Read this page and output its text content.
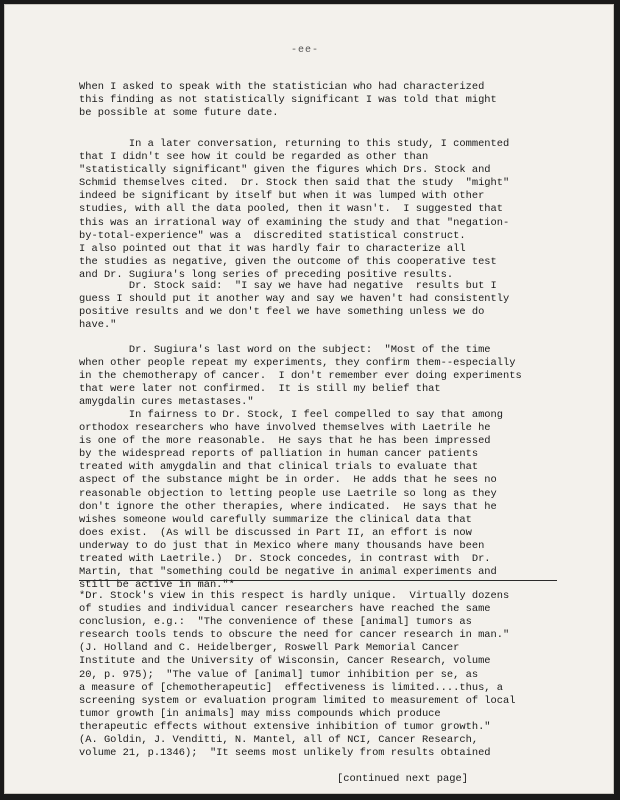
-ee-
When I asked to speak with the statistician who had characterized
this finding as not statistically significant I was told that might
be possible at some future date.
In a later conversation, returning to this study, I commented
that I didn't see how it could be regarded as other than
"statistically significant" given the figures which Drs. Stock and
Schmid themselves cited.  Dr. Stock then said that the study  "might"
indeed be significant by itself but when it was lumped with other
studies, with all the data pooled, then it wasn't.  I suggested that
this was an irrational way of examining the study and that "negation-
by-total-experience" was a  discredited statistical construct.
I also pointed out that it was hardly fair to characterize all
the studies as negative, given the outcome of this cooperative test
and Dr. Sugiura's long series of preceding positive results.
Dr. Stock said:  "I say we have had negative  results but I
guess I should put it another way and say we haven't had consistently
positive results and we don't feel we have something unless we do
have."
Dr. Sugiura's last word on the subject:  "Most of the time
when other people repeat my experiments, they confirm them--especially
in the chemotherapy of cancer.  I don't remember ever doing experiments
that were later not confirmed.  It is still my belief that
amygdalin cures metastases."
In fairness to Dr. Stock, I feel compelled to say that among
orthodox researchers who have involved themselves with Laetrile he
is one of the more reasonable.  He says that he has been impressed
by the widespread reports of palliation in human cancer patients
treated with amygdalin and that clinical trials to evaluate that
aspect of the substance might be in order.  He adds that he sees no
reasonable objection to letting people use Laetrile so long as they
don't ignore the other therapies, where indicated.  He says that he
wishes someone would carefully summarize the clinical data that
does exist.  (As will be discussed in Part II, an effort is now
underway to do just that in Mexico where many thousands have been
treated with Laetrile.)  Dr. Stock concedes, in contrast with  Dr.
Martin, that "something could be negative in animal experiments and
still be active in man."*
*Dr. Stock's view in this respect is hardly unique.  Virtually dozens
of studies and individual cancer researchers have reached the same
conclusion, e.g.:  "The convenience of these [animal] tumors as
research tools tends to obscure the need for cancer research in man."
(J. Holland and C. Heidelberger, Roswell Park Memorial Cancer
Institute and the University of Wisconsin, Cancer Research, volume
20, p. 975);  "The value of [animal] tumor inhibition per se, as
a measure of [chemotherapeutic]  effectiveness is limited....thus, a
screening system or evaluation program limited to measurement of local
tumor growth [in animals] may miss compounds which produce
therapeutic effects without extensive inhibition of tumor growth."
(A. Goldin, J. Venditti, N. Mantel, all of NCI, Cancer Research,
volume 21, p.1346);  "It seems most unlikely from results obtained
[continued next page]
